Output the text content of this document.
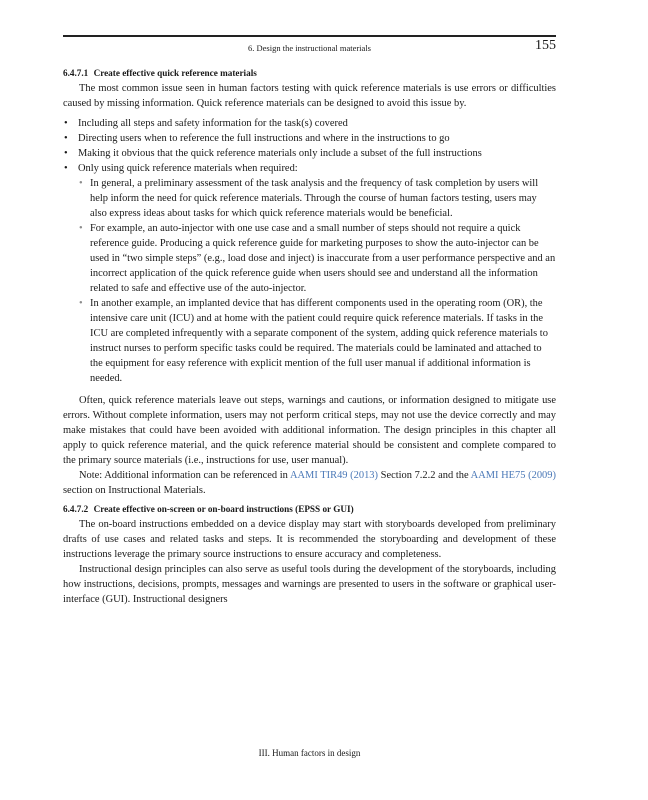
6. Design the instructional materials	155
6.4.7.1 Create effective quick reference materials

The most common issue seen in human factors testing with quick reference materials is use errors or difficulties caused by missing information. Quick reference materials can be designed to avoid this issue by.

• Including all steps and safety information for the task(s) covered
• Directing users when to reference the full instructions and where in the instructions to go
• Making it obvious that the quick reference materials only include a subset of the full instructions
• Only using quick reference materials when required:
• In general, a preliminary assessment of the task analysis and the frequency of task completion by users will help inform the need for quick reference materials. Through the course of human factors testing, users may also express ideas about tasks for which quick reference materials would be beneficial.
• For example, an auto-injector with one use case and a small number of steps should not require a quick reference guide. Producing a quick reference guide for marketing purposes to show the auto-injector can be used in “two simple steps” (e.g., load dose and inject) is inaccurate from a user performance perspective and an incorrect application of the quick reference guide when users should see and understand all the information related to safe and effective use of the auto-injector.
• In another example, an implanted device that has different components used in the operating room (OR), the intensive care unit (ICU) and at home with the patient could require quick reference materials. If tasks in the ICU are completed infrequently with a separate component of the system, adding quick reference materials to instruct nurses to perform specific tasks could be required. The materials could be laminated and attached to the equipment for easy reference with explicit mention of the full user manual if additional information is needed.

Often, quick reference materials leave out steps, warnings and cautions, or information designed to mitigate use errors. Without complete information, users may not perform critical steps, may not use the device correctly and may make mistakes that could have been avoided with additional information. The design principles in this chapter all apply to quick reference material, and the quick reference material should be consistent and complete compared to the primary source materials (i.e., instructions for use, user manual).

Note: Additional information can be referenced in AAMI TIR49 (2013) Section 7.2.2 and the AAMI HE75 (2009) section on Instructional Materials.

6.4.7.2 Create effective on-screen or on-board instructions (EPSS or GUI)

The on-board instructions embedded on a device display may start with storyboards developed from preliminary drafts of use cases and related tasks and steps. It is recommended the storyboarding and development of these instructions leverage the primary source instructions to ensure accuracy and completeness.

Instructional design principles can also serve as useful tools during the development of the storyboards, including how instructions, decisions, prompts, messages and warnings are presented to users in the software or graphical user-interface (GUI). Instructional designers

III. Human factors in design
